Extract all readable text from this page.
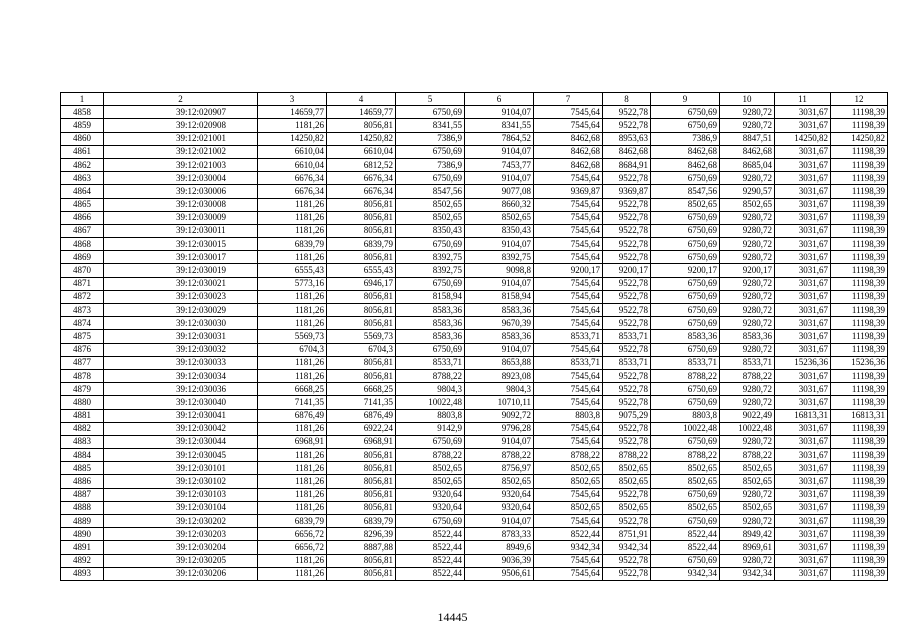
1	2	3	4	5	6	7	8	9	10	11	12
4858	39:12:020907	14659,77	14659,77	6750,69	9104,07	7545,64	9522,78	6750,69	9280,72	3031,67	11198,39
4859	39:12:020908	1181,26	8056,81	8341,55	8341,55	7545,64	9522,78	6750,69	9280,72	3031,67	11198,39
4860	39:12:021001	14250,82	14250,82	7386,9	7864,52	8462,68	8953,63	7386,9	8847,51	14250,82	14250,82
4861	39:12:021002	6610,04	6610,04	6750,69	9104,07	8462,68	8462,68	8462,68	8462,68	3031,67	11198,39
4862	39:12:021003	6610,04	6812,52	7386,9	7453,77	8462,68	8684,91	8462,68	8685,04	3031,67	11198,39
4863	39:12:030004	6676,34	6676,34	6750,69	9104,07	7545,64	9522,78	6750,69	9280,72	3031,67	11198,39
4864	39:12:030006	6676,34	6676,34	8547,56	9077,08	9369,87	9369,87	8547,56	9290,57	3031,67	11198,39
4865	39:12:030008	1181,26	8056,81	8502,65	8660,32	7545,64	9522,78	8502,65	8502,65	3031,67	11198,39
4866	39:12:030009	1181,26	8056,81	8502,65	8502,65	7545,64	9522,78	6750,69	9280,72	3031,67	11198,39
4867	39:12:030011	1181,26	8056,81	8350,43	8350,43	7545,64	9522,78	6750,69	9280,72	3031,67	11198,39
4868	39:12:030015	6839,79	6839,79	6750,69	9104,07	7545,64	9522,78	6750,69	9280,72	3031,67	11198,39
4869	39:12:030017	1181,26	8056,81	8392,75	8392,75	7545,64	9522,78	6750,69	9280,72	3031,67	11198,39
4870	39:12:030019	6555,43	6555,43	8392,75	9098,8	9200,17	9200,17	9200,17	9200,17	3031,67	11198,39
4871	39:12:030021	5773,16	6946,17	6750,69	9104,07	7545,64	9522,78	6750,69	9280,72	3031,67	11198,39
4872	39:12:030023	1181,26	8056,81	8158,94	8158,94	7545,64	9522,78	6750,69	9280,72	3031,67	11198,39
4873	39:12:030029	1181,26	8056,81	8583,36	8583,36	7545,64	9522,78	6750,69	9280,72	3031,67	11198,39
4874	39:12:030030	1181,26	8056,81	8583,36	9670,39	7545,64	9522,78	6750,69	9280,72	3031,67	11198,39
4875	39:12:030031	5569,73	5569,73	8583,36	8583,36	8533,71	8533,71	8583,36	8583,36	3031,67	11198,39
4876	39:12:030032	6704,3	6704,3	6750,69	9104,07	7545,64	9522,78	6750,69	9280,72	3031,67	11198,39
4877	39:12:030033	1181,26	8056,81	8533,71	8653,88	8533,71	8533,71	8533,71	8533,71	15236,36	15236,36
4878	39:12:030034	1181,26	8056,81	8788,22	8923,08	7545,64	9522,78	8788,22	8788,22	3031,67	11198,39
4879	39:12:030036	6668,25	6668,25	9804,3	9804,3	7545,64	9522,78	6750,69	9280,72	3031,67	11198,39
4880	39:12:030040	7141,35	7141,35	10022,48	10710,11	7545,64	9522,78	6750,69	9280,72	3031,67	11198,39
4881	39:12:030041	6876,49	6876,49	8803,8	9092,72	8803,8	9075,29	8803,8	9022,49	16813,31	16813,31
4882	39:12:030042	1181,26	6922,24	9142,9	9796,28	7545,64	9522,78	10022,48	10022,48	3031,67	11198,39
4883	39:12:030044	6968,91	6968,91	6750,69	9104,07	7545,64	9522,78	6750,69	9280,72	3031,67	11198,39
4884	39:12:030045	1181,26	8056,81	8788,22	8788,22	8788,22	8788,22	8788,22	8788,22	3031,67	11198,39
4885	39:12:030101	1181,26	8056,81	8502,65	8756,97	8502,65	8502,65	8502,65	8502,65	3031,67	11198,39
4886	39:12:030102	1181,26	8056,81	8502,65	8502,65	8502,65	8502,65	8502,65	8502,65	3031,67	11198,39
4887	39:12:030103	1181,26	8056,81	9320,64	9320,64	7545,64	9522,78	6750,69	9280,72	3031,67	11198,39
4888	39:12:030104	1181,26	8056,81	9320,64	9320,64	8502,65	8502,65	8502,65	8502,65	3031,67	11198,39
4889	39:12:030202	6839,79	6839,79	6750,69	9104,07	7545,64	9522,78	6750,69	9280,72	3031,67	11198,39
4890	39:12:030203	6656,72	8296,39	8522,44	8783,33	8522,44	8751,91	8522,44	8949,42	3031,67	11198,39
4891	39:12:030204	6656,72	8887,88	8522,44	8949,6	9342,34	9342,34	8522,44	8969,61	3031,67	11198,39
4892	39:12:030205	1181,26	8056,81	8522,44	9036,39	7545,64	9522,78	6750,69	9280,72	3031,67	11198,39
4893	39:12:030206	1181,26	8056,81	8522,44	9506,61	7545,64	9522,78	9342,34	9342,34	3031,67	11198,39
14445
